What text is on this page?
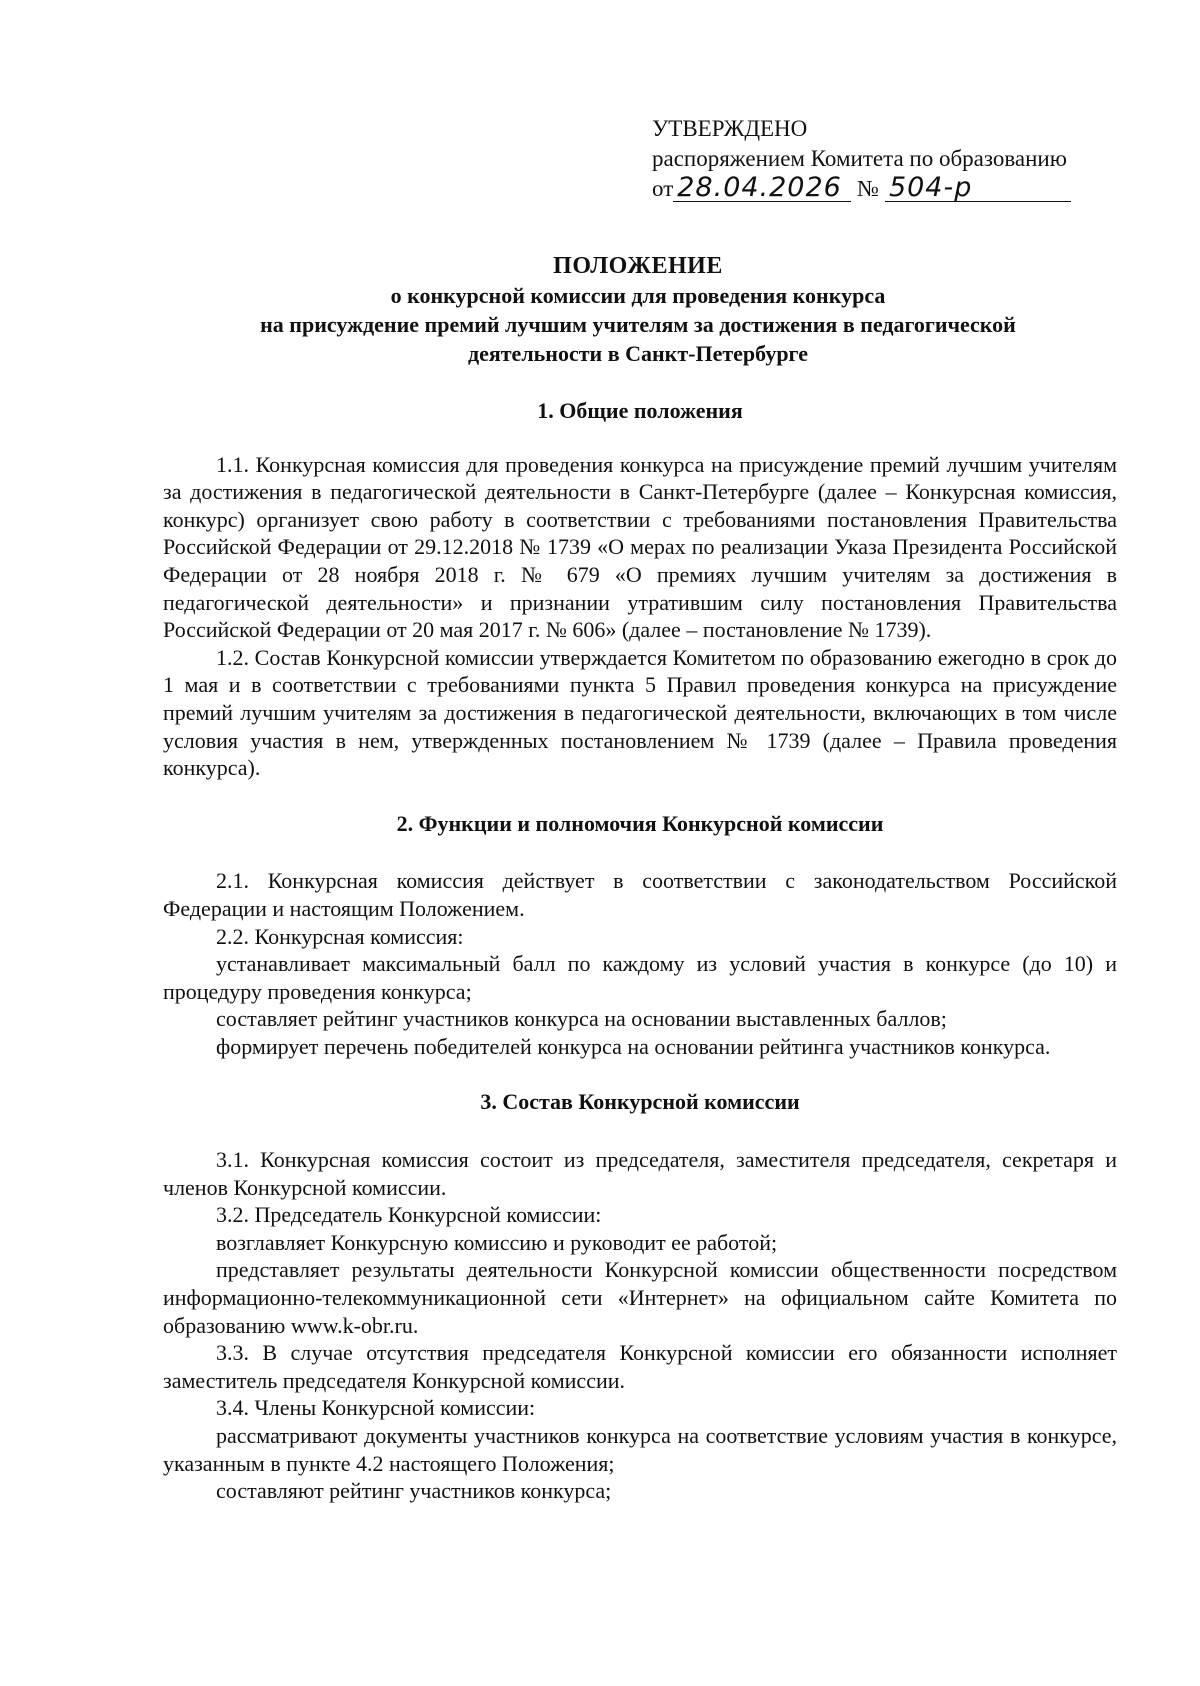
УТВЕРЖДЕНО
распоряжением Комитета по образованию
от 28.04.2026 № 504-р
ПОЛОЖЕНИЕ
о конкурсной комиссии для проведения конкурса
на присуждение премий лучшим учителям за достижения в педагогической
деятельности в Санкт-Петербурге

1. Общие положения

1.1. Конкурсная комиссия для проведения конкурса на присуждение премий лучшим учителям за достижения в педагогической деятельности в Санкт-Петербурге (далее – Конкурсная комиссия, конкурс) организует свою работу в соответствии с требованиями постановления Правительства Российской Федерации от 29.12.2018 № 1739 «О мерах по реализации Указа Президента Российской Федерации от 28 ноября 2018 г. № 679 «О премиях лучшим учителям за достижения в педагогической деятельности» и признании утратившим силу постановления Правительства Российской Федерации от 20 мая 2017 г. № 606» (далее – постановление № 1739).

1.2. Состав Конкурсной комиссии утверждается Комитетом по образованию ежегодно в срок до 1 мая и в соответствии с требованиями пункта 5 Правил проведения конкурса на присуждение премий лучшим учителям за достижения в педагогической деятельности, включающих в том числе условия участия в нем, утвержденных постановлением № 1739 (далее – Правила проведения конкурса).

2. Функции и полномочия Конкурсной комиссии

2.1. Конкурсная комиссия действует в соответствии с законодательством Российской Федерации и настоящим Положением.

2.2. Конкурсная комиссия:

устанавливает максимальный балл по каждому из условий участия в конкурсе (до 10) и процедуру проведения конкурса;

составляет рейтинг участников конкурса на основании выставленных баллов;

формирует перечень победителей конкурса на основании рейтинга участников конкурса.

3. Состав Конкурсной комиссии

3.1. Конкурсная комиссия состоит из председателя, заместителя председателя, секретаря и членов Конкурсной комиссии.

3.2. Председатель Конкурсной комиссии:

возглавляет Конкурсную комиссию и руководит ее работой;

представляет результаты деятельности Конкурсной комиссии общественности посредством информационно-телекоммуникационной сети «Интернет» на официальном сайте Комитета по образованию www.k-obr.ru.

3.3. В случае отсутствия председателя Конкурсной комиссии его обязанности исполняет заместитель председателя Конкурсной комиссии.

3.4. Члены Конкурсной комиссии:

рассматривают документы участников конкурса на соответствие условиям участия в конкурсе, указанным в пункте 4.2 настоящего Положения;

составляют рейтинг участников конкурса;
